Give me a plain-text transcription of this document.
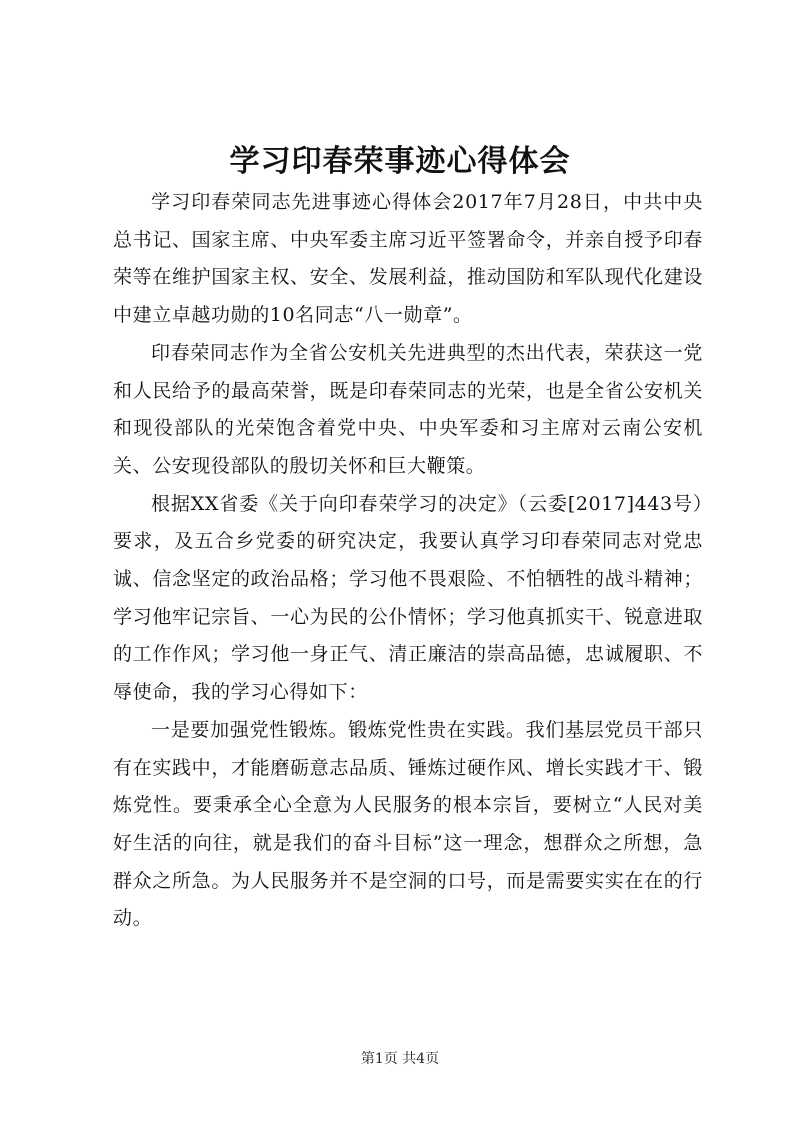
学习印春荣事迹心得体会

学习印春荣同志先进事迹心得体会2017年7月28日，中共中央总书记、国家主席、中央军委主席习近平签署命令，并亲自授予印春荣等在维护国家主权、安全、发展利益，推动国防和军队现代化建设中建立卓越功勋的10名同志“八一勋章”。

印春荣同志作为全省公安机关先进典型的杰出代表，荣获这一党和人民给予的最高荣誉，既是印春荣同志的光荣，也是全省公安机关和现役部队的光荣饱含着党中央、中央军委和习主席对云南公安机关、公安现役部队的殷切关怀和巨大鞭策。

根据XX省委《关于向印春荣学习的决定》（云委[2017]443号）要求，及五合乡党委的研究决定，我要认真学习印春荣同志对党忠诚、信念坚定的政治品格；学习他不畏艰险、不怕牺牲的战斗精神；学习他牢记宗旨、一心为民的公仆情怀；学习他真抓实干、锐意进取的工作作风；学习他一身正气、清正廉洁的崇高品德，忠诚履职、不辱使命，我的学习心得如下：

一是要加强党性锻炼。锻炼党性贵在实践。我们基层党员干部只有在实践中，才能磨砺意志品质、锤炼过硬作风、增长实践才干、锻炼党性。要秉承全心全意为人民服务的根本宗旨，要树立“人民对美好生活的向往，就是我们的奋斗目标”这一理念，想群众之所想，急群众之所急。为人民服务并不是空洞的口号，而是需要实实在在的行动。

第1页 共4页
